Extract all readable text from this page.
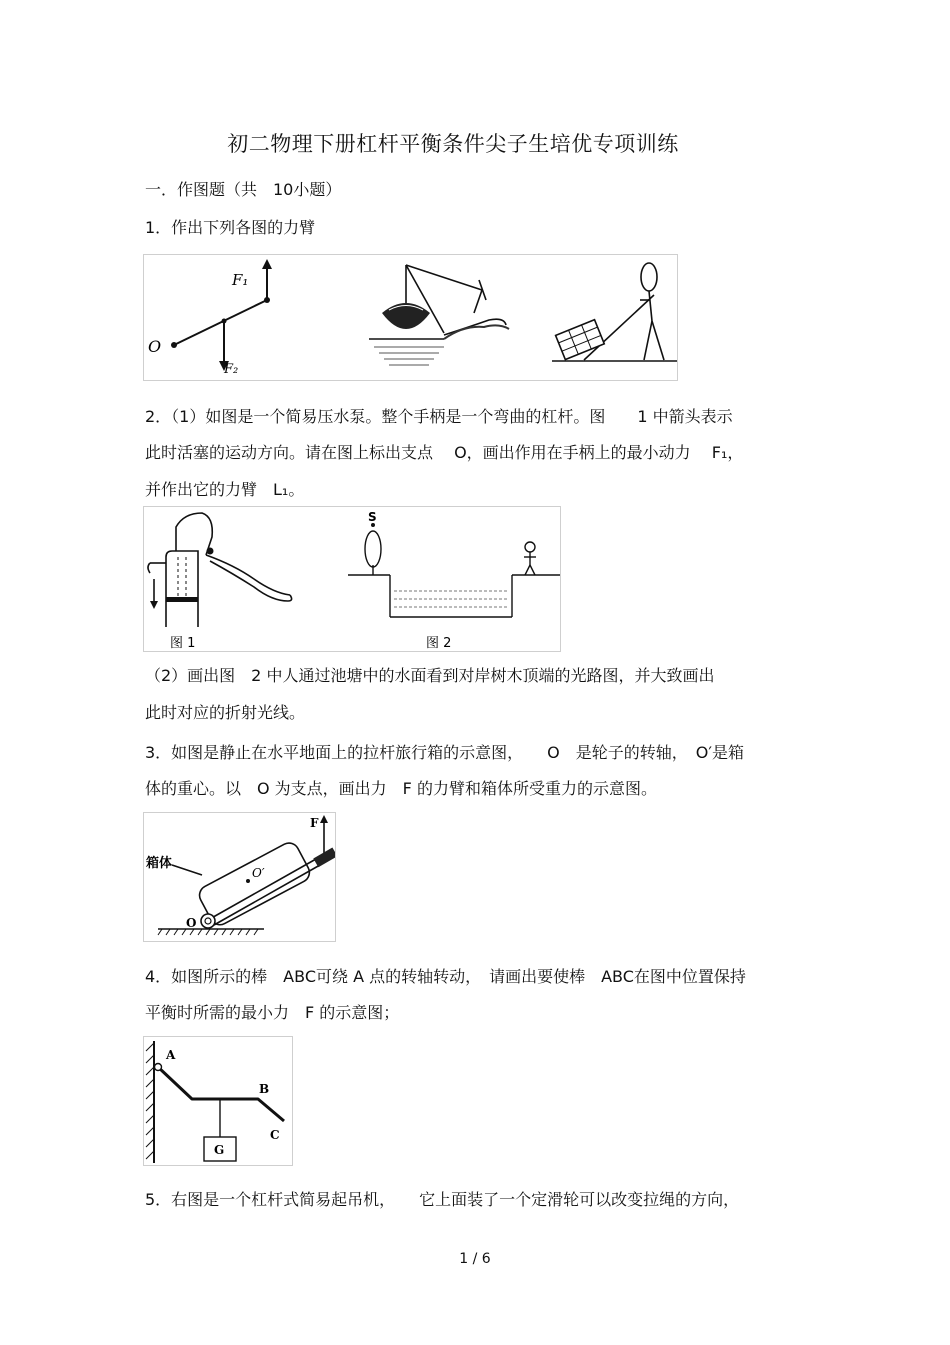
初二物理下册杠杆平衡条件尖子生培优专项训练
一．作图题（共　10小题）
1．作出下列各图的力臂
F₁
F₂
O
2．（1）如图是一个简易压水泵。整个手柄是一个弯曲的杠杆。图　　1 中箭头表示
此时活塞的运动方向。请在图上标出支点　 O，画出作用在手柄上的最小动力　 F₁，
并作出它的力臂　L₁。
图 1
S
图 2
（2）画出图　2 中人通过池塘中的水面看到对岸树木顶端的光路图，并大致画出
此时对应的折射光线。
3．如图是静止在水平地面上的拉杆旅行箱的示意图，　　O　是轮子的转轴，　O′是箱
体的重心。以　O 为支点，画出力　F 的力臂和箱体所受重力的示意图。
箱体
F
O
O′
4．如图所示的棒　ABC可绕 A 点的转轴转动，　请画出要使棒　ABC在图中位置保持
平衡时所需的最小力　F 的示意图；
A
B
C
G
5．右图是一个杠杆式简易起吊机，　　它上面装了一个定滑轮可以改变拉绳的方向，
1 / 6
